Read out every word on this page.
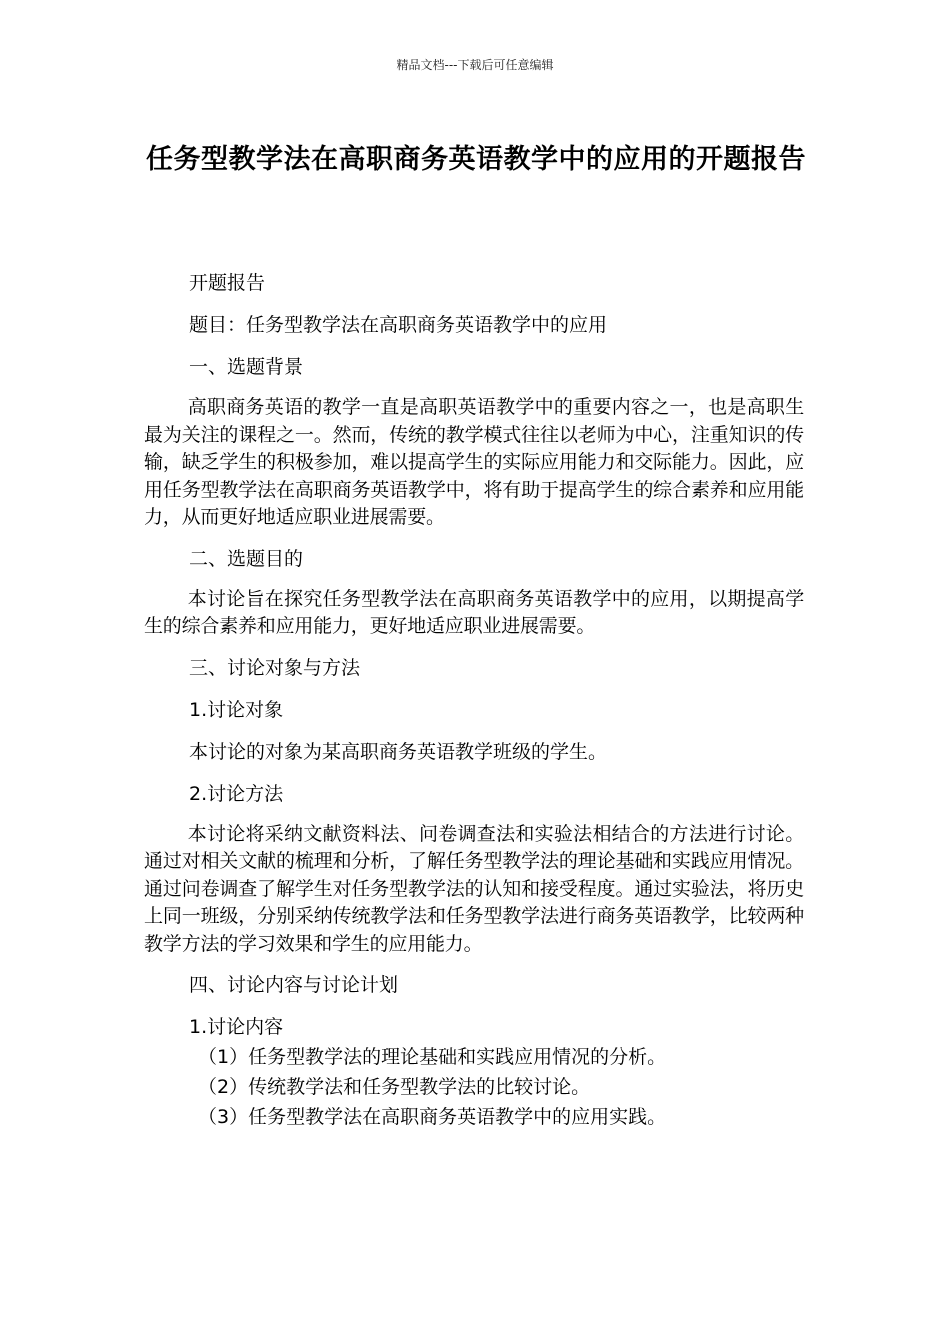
精品文档---下载后可任意编辑
任务型教学法在高职商务英语教学中的应用的开题报告

开题报告

题目：任务型教学法在高职商务英语教学中的应用

一、选题背景

高职商务英语的教学一直是高职英语教学中的重要内容之一，也是高职生最为关注的课程之一。然而，传统的教学模式往往以老师为中心，注重知识的传输，缺乏学生的积极参加，难以提高学生的实际应用能力和交际能力。因此，应用任务型教学法在高职商务英语教学中，将有助于提高学生的综合素养和应用能力，从而更好地适应职业进展需要。

二、选题目的

本讨论旨在探究任务型教学法在高职商务英语教学中的应用，以期提高学生的综合素养和应用能力，更好地适应职业进展需要。

三、讨论对象与方法

1.讨论对象

本讨论的对象为某高职商务英语教学班级的学生。

2.讨论方法

本讨论将采纳文献资料法、问卷调查法和实验法相结合的方法进行讨论。通过对相关文献的梳理和分析，了解任务型教学法的理论基础和实践应用情况。通过问卷调查了解学生对任务型教学法的认知和接受程度。通过实验法，将历史上同一班级，分别采纳传统教学法和任务型教学法进行商务英语教学，比较两种教学方法的学习效果和学生的应用能力。

四、讨论内容与讨论计划

1.讨论内容

（1）任务型教学法的理论基础和实践应用情况的分析。

（2）传统教学法和任务型教学法的比较讨论。

（3）任务型教学法在高职商务英语教学中的应用实践。
